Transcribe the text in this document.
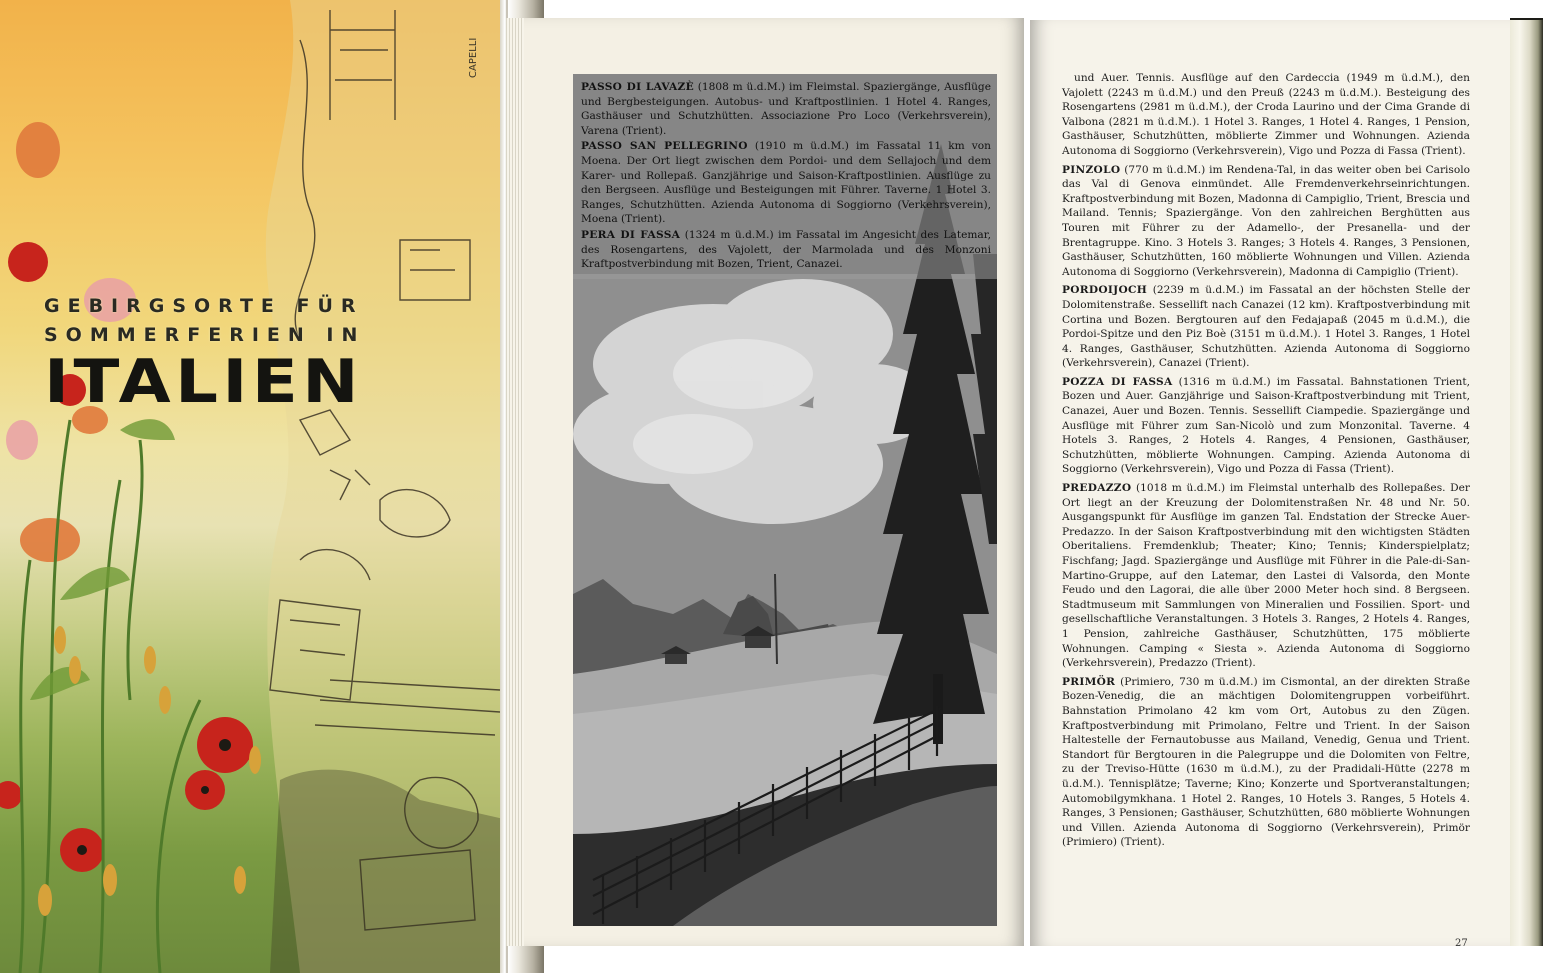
GEBIRGSORTE FÜR
SOMMERFERIEN IN
ITALIEN
CAPELLI

PASSO DI LAVAZÈ (1808 m ü.d.M.) im Fleimstal. Spaziergänge, Ausflüge und Bergbesteigungen. Autobus- und Kraftpostlinien. 1 Hotel 4. Ranges, Gasthäuser und Schutzhütten. Associazione Pro Loco (Verkehrsverein), Varena (Trient).

PASSO SAN PELLEGRINO (1910 m ü.d.M.) im Fassatal 11 km von Moena. Der Ort liegt zwischen dem Pordoi- und dem Sellajoch und dem Karer- und Rollepaß. Ganzjährige und Saison-Kraftpostlinien. Ausflüge zu den Bergseen. Ausflüge und Besteigungen mit Führer. Taverne. 1 Hotel 3. Ranges, Schutzhütten. Azienda Autonoma di Soggiorno (Verkehrsverein), Moena (Trient).

PERA DI FASSA (1324 m ü.d.M.) im Fassatal im Angesicht des Latemar, des Rosengartens, des Vajolett, der Marmolada und des Monzoni Kraftpostverbindung mit Bozen, Trient, Canazei.

und Auer. Tennis. Ausflüge auf den Cardeccia (1949 m ü.d.M.), den Vajolett (2243 m ü.d.M.) und den Preuß (2243 m ü.d.M.). Besteigung des Rosengartens (2981 m ü.d.M.), der Croda Laurino und der Cima Grande di Valbona (2821 m ü.d.M.). 1 Hotel 3. Ranges, 1 Hotel 4. Ranges, 1 Pension, Gasthäuser, Schutzhütten, möblierte Zimmer und Wohnungen. Azienda Autonoma di Soggiorno (Verkehrsverein), Vigo und Pozza di Fassa (Trient).

PINZOLO (770 m ü.d.M.) im Rendena-Tal, in das weiter oben bei Carisolo das Val di Genova einmündet. Alle Fremdenverkehrseinrichtungen. Kraftpostverbindung mit Bozen, Madonna di Campiglio, Trient, Brescia und Mailand. Tennis; Spaziergänge. Von den zahlreichen Berghütten aus Touren mit Führer zu der Adamello-, der Presanella- und der Brentagruppe. Kino. 3 Hotels 3. Ranges; 3 Hotels 4. Ranges, 3 Pensionen, Gasthäuser, Schutzhütten, 160 möblierte Wohnungen und Villen. Azienda Autonoma di Soggiorno (Verkehrsverein), Madonna di Campiglio (Trient).

PORDOIJOCH (2239 m ü.d.M.) im Fassatal an der höchsten Stelle der Dolomitenstraße. Sessellift nach Canazei (12 km). Kraftpostverbindung mit Cortina und Bozen. Bergtouren auf den Fedajapaß (2045 m ü.d.M.), die Pordoi-Spitze und den Piz Boè (3151 m ü.d.M.). 1 Hotel 3. Ranges, 1 Hotel 4. Ranges, Gasthäuser, Schutzhütten. Azienda Autonoma di Soggiorno (Verkehrsverein), Canazei (Trient).

POZZA DI FASSA (1316 m ü.d.M.) im Fassatal. Bahnstationen Trient, Bozen und Auer. Ganzjährige und Saison-Kraftpostverbindung mit Trient, Canazei, Auer und Bozen. Tennis. Sessellift Ciampedie. Spaziergänge und Ausflüge mit Führer zum San-Nicolò und zum Monzonital. Taverne. 4 Hotels 3. Ranges, 2 Hotels 4. Ranges, 4 Pensionen, Gasthäuser, Schutzhütten, möblierte Wohnungen. Camping. Azienda Autonoma di Soggiorno (Verkehrsverein), Vigo und Pozza di Fassa (Trient).

PREDAZZO (1018 m ü.d.M.) im Fleimstal unterhalb des Rollepaßes. Der Ort liegt an der Kreuzung der Dolomitenstraßen Nr. 48 und Nr. 50. Ausgangspunkt für Ausflüge im ganzen Tal. Endstation der Strecke Auer-Predazzo. In der Saison Kraftpostverbindung mit den wichtigsten Städten Oberitaliens. Fremdenklub; Theater; Kino; Tennis; Kinderspielplatz; Fischfang; Jagd. Spaziergänge und Ausflüge mit Führer in die Pale-di-San-Martino-Gruppe, auf den Latemar, den Lastei di Valsorda, den Monte Feudo und den Lagorai, die alle über 2000 Meter hoch sind. 8 Bergseen. Stadtmuseum mit Sammlungen von Mineralien und Fossilien. Sport- und gesellschaftliche Veranstaltungen. 3 Hotels 3. Ranges, 2 Hotels 4. Ranges, 1 Pension, zahlreiche Gasthäuser, Schutzhütten, 175 möblierte Wohnungen. Camping « Siesta ». Azienda Autonoma di Soggiorno (Verkehrsverein), Predazzo (Trient).

PRIMÖR (Primiero, 730 m ü.d.M.) im Cismontal, an der direkten Straße Bozen-Venedig, die an mächtigen Dolomitengruppen vorbeiführt. Bahnstation Primolano 42 km vom Ort, Autobus zu den Zügen. Kraftpostverbindung mit Primolano, Feltre und Trient. In der Saison Haltestelle der Fernautobusse aus Mailand, Venedig, Genua und Trient. Standort für Bergtouren in die Palegruppe und die Dolomiten von Feltre, zu der Treviso-Hütte (1630 m ü.d.M.), zu der Pradidali-Hütte (2278 m ü.d.M.). Tennisplätze; Taverne; Kino; Konzerte und Sportveranstaltungen; Automobilgymkhana. 1 Hotel 2. Ranges, 10 Hotels 3. Ranges, 5 Hotels 4. Ranges, 3 Pensionen; Gasthäuser, Schutzhütten, 680 möblierte Wohnungen und Villen. Azienda Autonoma di Soggiorno (Verkehrsverein), Primör (Primiero) (Trient).

27
